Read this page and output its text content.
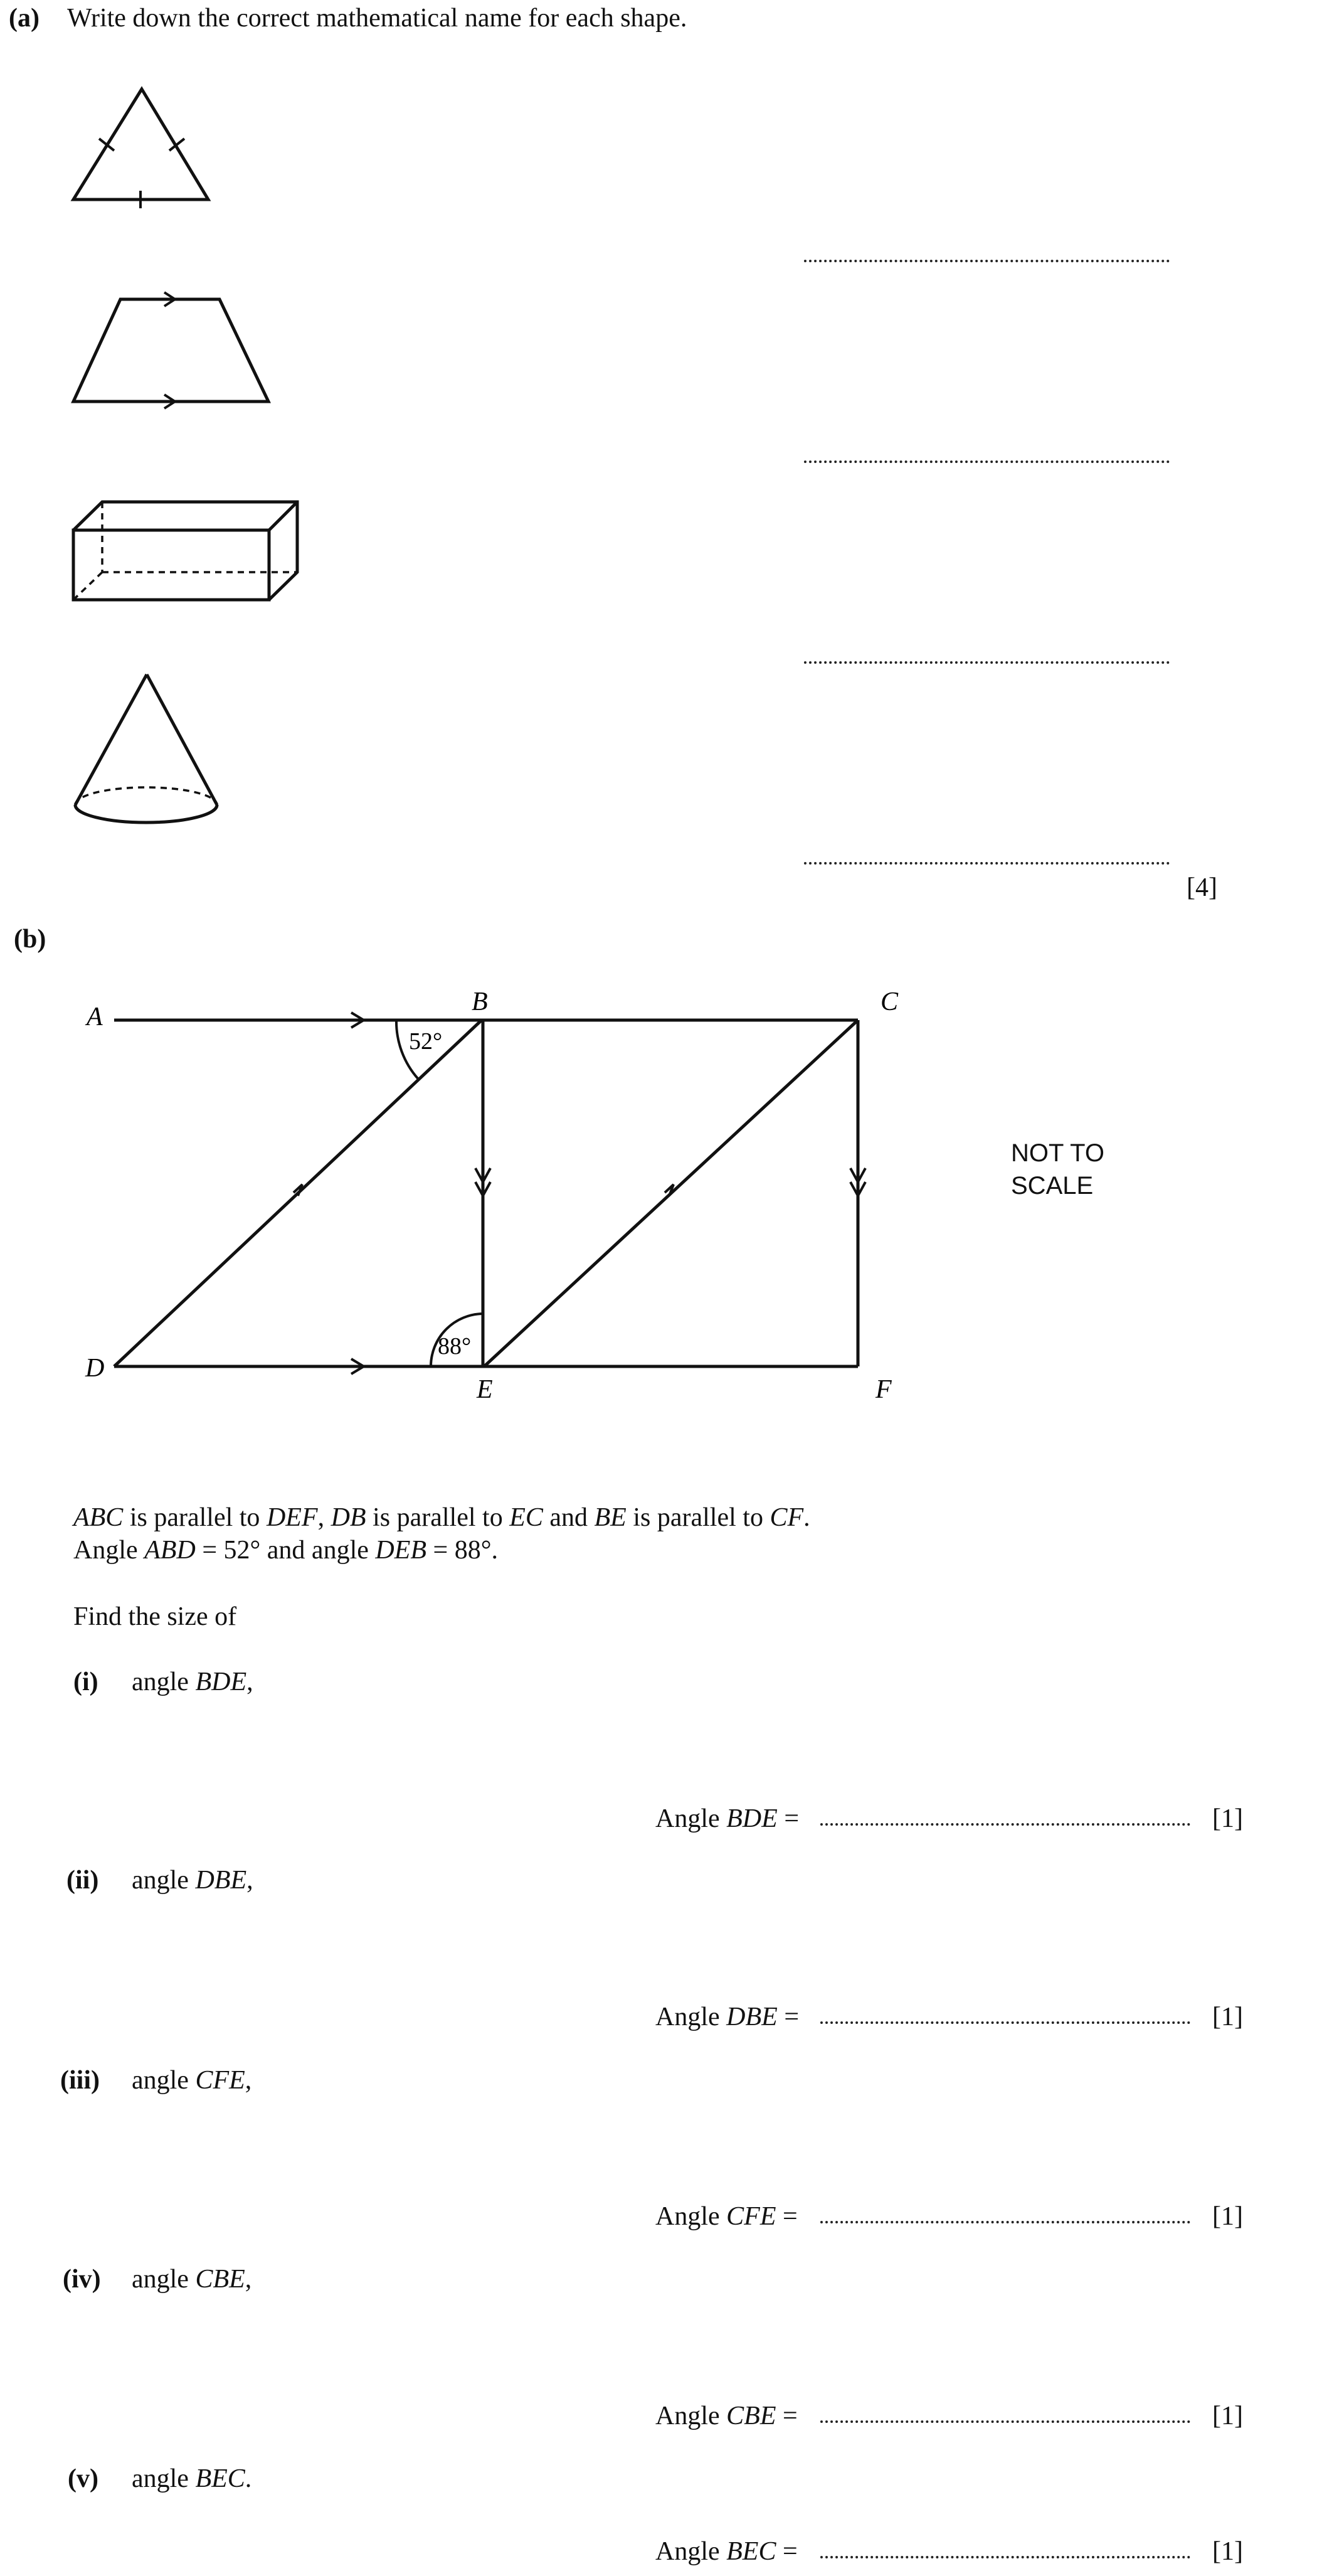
(a) Write down the correct mathematical name for each shape.
[4]
(b)
52°
88°
A
B	C
D
E	F
NOT TO
SCALE
ABC is parallel to DEF, DB is parallel to EC and BE is parallel to CF.
Angle ABD = 52° and angle DEB = 88°.
Find the size of
(i) angle BDE,
Angle BDE =	[1]
(ii) angle DBE,
Angle DBE =	[1]
(iii) angle CFE,
Angle CFE =	[1]
(iv) angle CBE,
Angle CBE =	[1]
(v) angle BEC.
Angle BEC =	[1]
